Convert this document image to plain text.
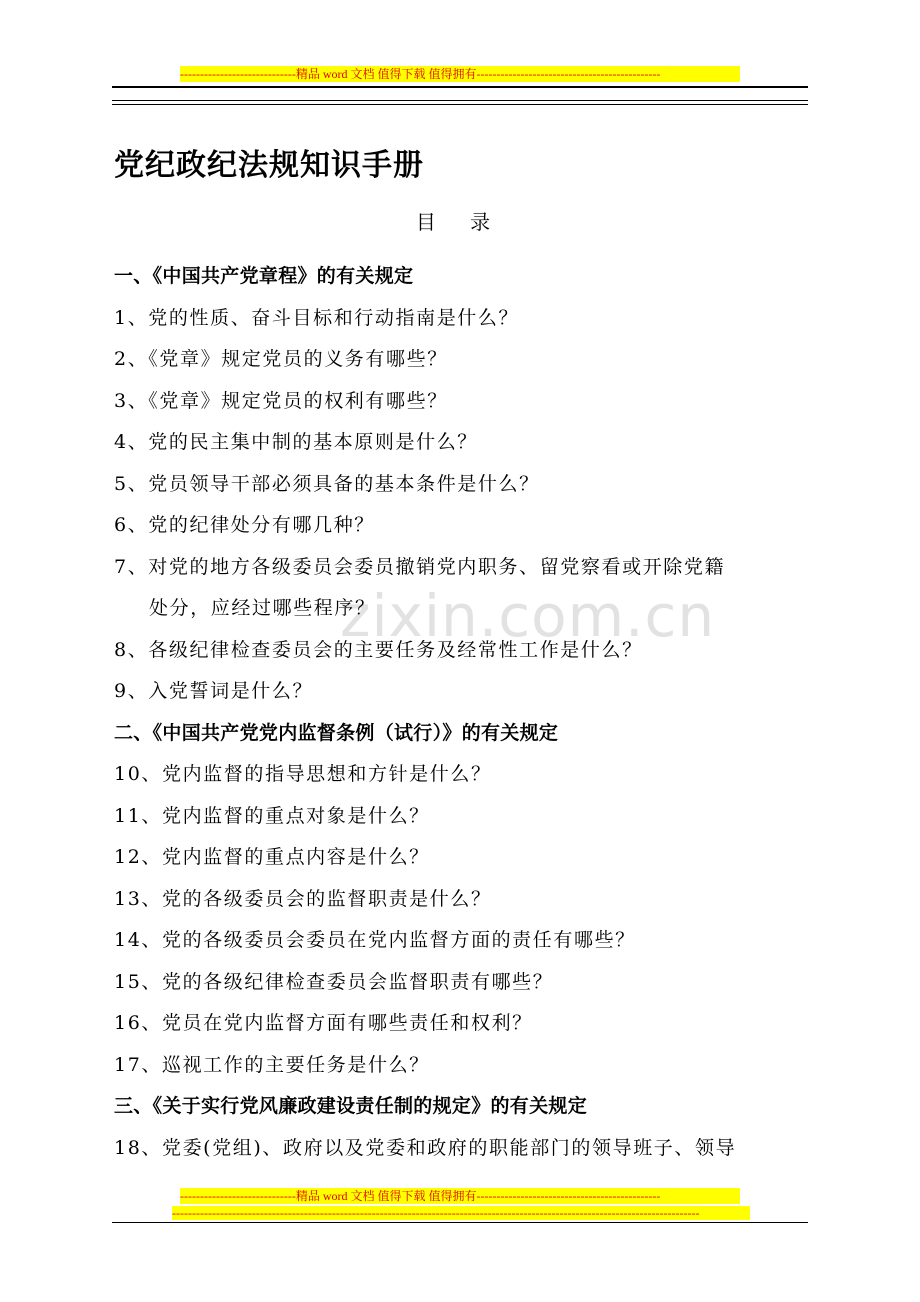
-----------------------------精品 word 文档 值得下载 值得拥有----------------------------------------------
党纪政纪法规知识手册
目 录
zixin.com.cn
一、《中国共产党章程》的有关规定
1、党的性质、奋斗目标和行动指南是什么？
2、《党章》规定党员的义务有哪些？
3、《党章》规定党员的权利有哪些？
4、党的民主集中制的基本原则是什么？
5、党员领导干部必须具备的基本条件是什么？
6、党的纪律处分有哪几种？
7、对党的地方各级委员会委员撤销党内职务、留党察看或开除党籍
处分，应经过哪些程序？
8、各级纪律检查委员会的主要任务及经常性工作是什么？
9、入党誓词是什么？
二、《中国共产党党内监督条例（试行）》的有关规定
10、党内监督的指导思想和方针是什么？
11、党内监督的重点对象是什么？
12、党内监督的重点内容是什么？
13、党的各级委员会的监督职责是什么？
14、党的各级委员会委员在党内监督方面的责任有哪些？
15、党的各级纪律检查委员会监督职责有哪些？
16、党员在党内监督方面有哪些责任和权利？
17、巡视工作的主要任务是什么？
三、《关于实行党风廉政建设责任制的规定》的有关规定
18、党委(党组)、政府以及党委和政府的职能部门的领导班子、领导
-----------------------------精品 word 文档 值得下载 值得拥有----------------------------------------------
------------------------------------------------------------------------------------------------------------------------------------
